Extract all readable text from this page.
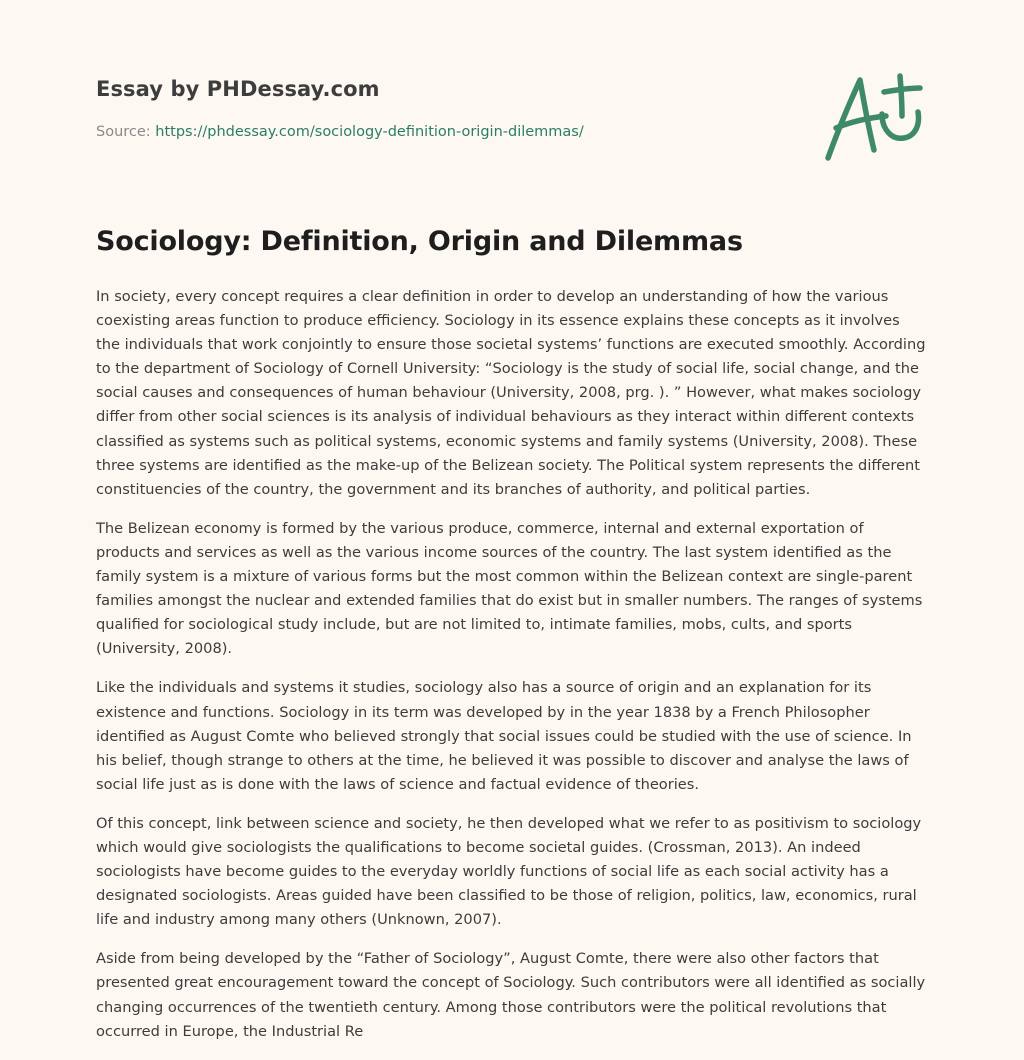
Essay by PHDessay.com
Source: https://phdessay.com/sociology-definition-origin-dilemmas/
Sociology: Definition, Origin and Dilemmas

In society, every concept requires a clear definition in order to develop an understanding of how the various coexisting areas function to produce efficiency. Sociology in its essence explains these concepts as it involves the individuals that work conjointly to ensure those societal systems’ functions are executed smoothly. According to the department of Sociology of Cornell University: “Sociology is the study of social life, social change, and the social causes and consequences of human behaviour (University, 2008, prg. ). ” However, what makes sociology differ from other social sciences is its analysis of individual behaviours as they interact within different contexts classified as systems such as political systems, economic systems and family systems (University, 2008). These three systems are identified as the make-up of the Belizean society. The Political system represents the different constituencies of the country, the government and its branches of authority, and political parties.

The Belizean economy is formed by the various produce, commerce, internal and external exportation of products and services as well as the various income sources of the country. The last system identified as the family system is a mixture of various forms but the most common within the Belizean context are single-parent families amongst the nuclear and extended families that do exist but in smaller numbers. The ranges of systems qualified for sociological study include, but are not limited to, intimate families, mobs, cults, and sports (University, 2008).

Like the individuals and systems it studies, sociology also has a source of origin and an explanation for its existence and functions. Sociology in its term was developed by in the year 1838 by a French Philosopher identified as August Comte who believed strongly that social issues could be studied with the use of science. In his belief, though strange to others at the time, he believed it was possible to discover and analyse the laws of social life just as is done with the laws of science and factual evidence of theories.

Of this concept, link between science and society, he then developed what we refer to as positivism to sociology which would give sociologists the qualifications to become societal guides. (Crossman, 2013). An indeed sociologists have become guides to the everyday worldly functions of social life as each social activity has a designated sociologists. Areas guided have been classified to be those of religion, politics, law, economics, rural life and industry among many others (Unknown, 2007).

Aside from being developed by the “Father of Sociology”, August Comte, there were also other factors that presented great encouragement toward the concept of Sociology. Such contributors were all identified as socially changing occurrences of the twentieth century. Among those contributors were the political revolutions that occurred in Europe, the Industrial Re
